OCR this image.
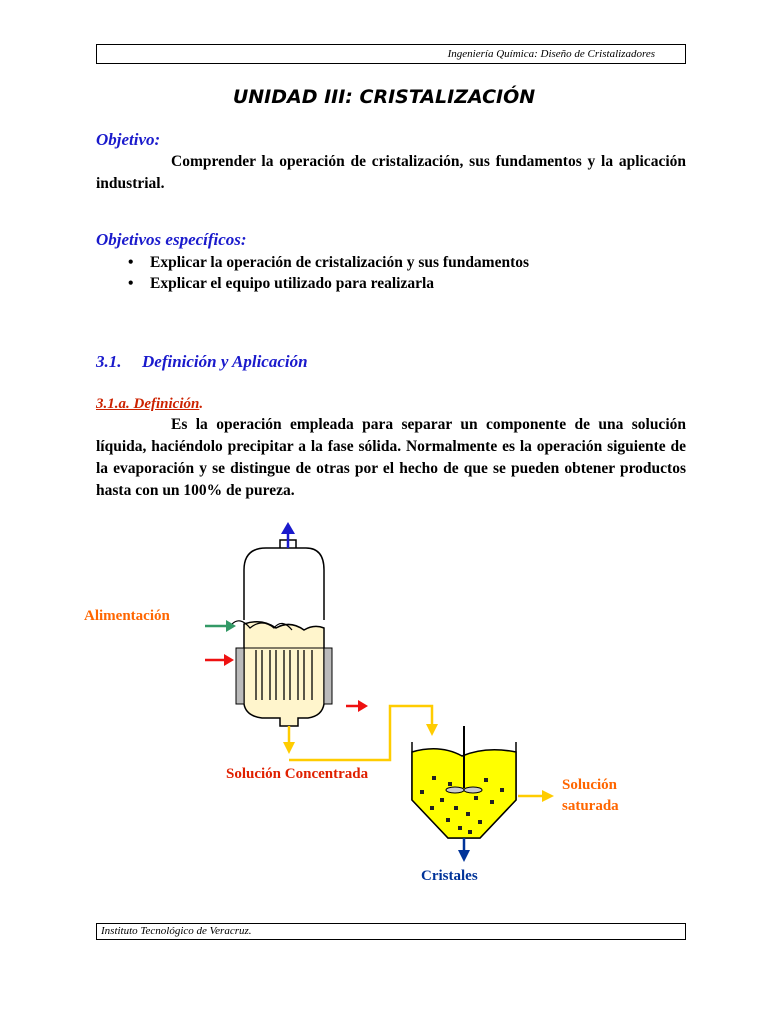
Ingeniería Química: Diseño de Cristalizadores
UNIDAD III: CRISTALIZACIÓN
Objetivo:
Comprender la operación de cristalización, sus fundamentos y la aplicación industrial.
Objetivos específicos:
• Explicar la operación de cristalización y sus fundamentos
• Explicar el equipo utilizado para realizarla
3.1. Definición y Aplicación
3.1.a. Definición.
Es la operación empleada para separar un componente de una solución líquida, haciéndolo precipitar a la fase sólida. Normalmente es la operación siguiente de la evaporación y se distingue de otras por el hecho de que se pueden obtener productos hasta con un 100% de pureza.
Alimentación
Solución Concentrada
Solución
saturada
Cristales
Instituto Tecnológico de Veracruz.
